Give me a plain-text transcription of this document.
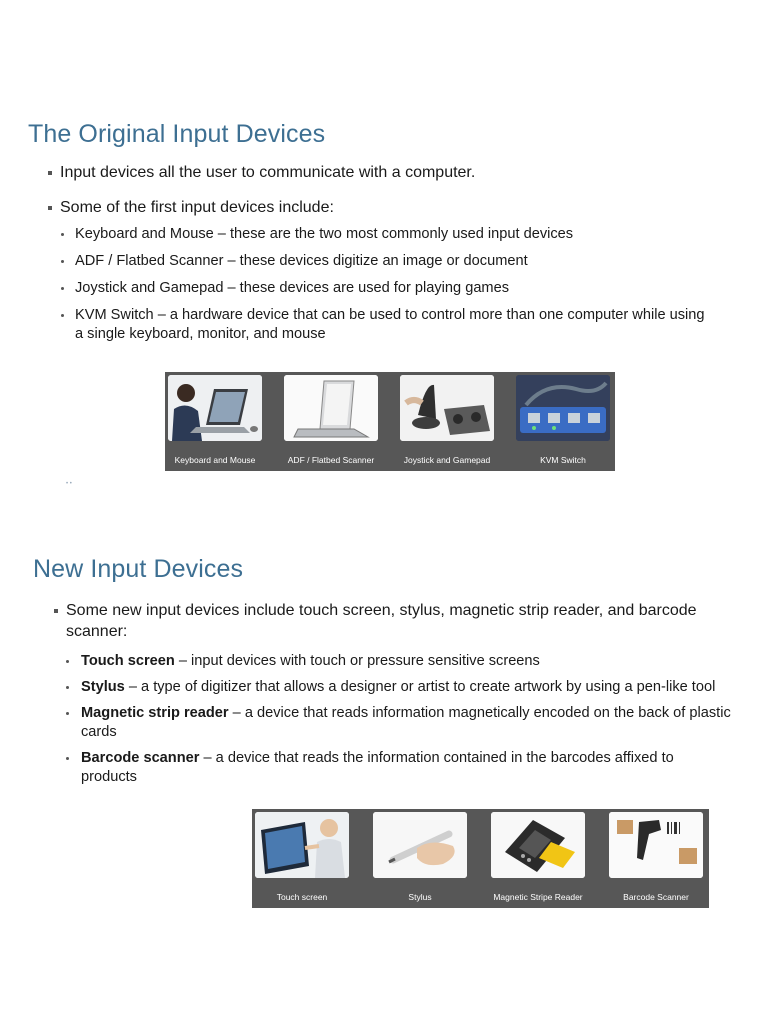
The Original Input Devices
Input devices all the user to communicate with a computer.
Some of the first input devices include:
Keyboard and Mouse – these are the two most commonly used input devices
ADF / Flatbed Scanner – these devices digitize an image or document
Joystick and Gamepad – these devices are used for playing games
KVM Switch – a hardware device that can be used to control more than one computer while using a single keyboard, monitor, and mouse
Keyboard and Mouse	ADF / Flatbed Scanner	Joystick and Gamepad	KVM Switch
• •
New Input Devices
Some new input devices include touch screen, stylus, magnetic strip reader, and barcode scanner:
Touch screen – input devices with touch or pressure sensitive screens
Stylus – a type of digitizer that allows a designer or artist to create artwork by using a pen-like tool
Magnetic strip reader – a device that reads information magnetically encoded on the back of plastic cards
Barcode scanner – a device that reads the information contained in the barcodes affixed to products
Touch screen	Stylus	Magnetic Stripe Reader	Barcode Scanner
